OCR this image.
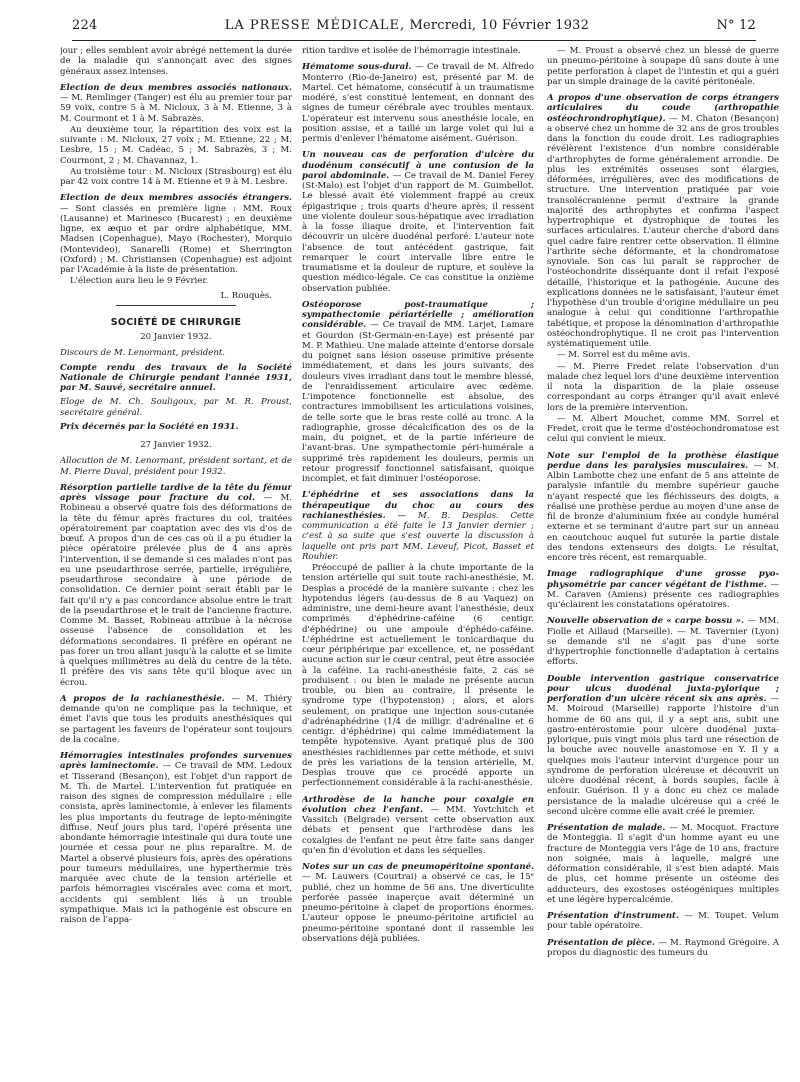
224	LA PRESSE MÉDICALE, Mercredi, 10 Février 1932	N° 12

jour ; elles semblent avoir abrégé nettement la durée de la maladie qui s'annonçait avec des signes généraux assez intenses.

Election de deux membres associés nationaux. — M. Remlinger (Tanger) est élu au premier tour par 59 voix, contre 5 à M. Nicloux, 3 à M. Etienne, 3 à M. Courmont et 1 à M. Sabrazès.

Au deuxième tour, la répartition des voix est la suivante : M. Nicloux, 27 voix ; M. Etienne, 22 ; M. Lesbre, 15 ; M. Cadéac, 5 ; M. Sabrazès, 3 ; M. Courmont, 2 ; M. Chavannaz, 1.

Au troisième tour : M. Nicloux (Strasbourg) est élu par 42 voix contre 14 à M. Etienne et 9 à M. Lesbre.

Election de deux membres associés étrangers. — Sont classés en première ligne : MM. Roux (Lausanne) et Marinesco (Bucarest) ; en deuxième ligne, ex æquo et par ordre alphabétique, MM. Madsen (Copenhague), Mayo (Rochester), Morquio (Montevideo), Sanarelli (Rome) et Sherrington (Oxford) ; M. Christiansen (Copenhague) est adjoint par l'Académie à la liste de présentation.

L'élection aura lieu le 9 Février.

L. Rouquès.

SOCIÉTÉ DE CHIRURGIE

20 Janvier 1932.

Discours de M. Lenormant, président.

Compte rendu des travaux de la Société Nationale de Chirurgie pendant l'année 1931, par M. Sauvé, secrétaire annuel.

Eloge de M. Ch. Souligoux, par M. R. Proust, secrétaire général.

Prix décernés par la Société en 1931.

27 Janvier 1932.

Allocution de M. Lenormant, président sortant, et de M. Pierre Duval, président pour 1932.

Résorption partielle tardive de la tête du fémur après vissage pour fracture du col. — M. Robineau a observé quatre fois des déformations de la tête du fémur après fractures du col, traitées opératoirement par coaptation avec des vis d'os de bœuf. A propos d'un de ces cas où il a pu étudier la pièce opératoire prélevée plus de 4 ans après l'intervention, il se demande si ces malades n'ont pas eu une pseudarthrose serrée, partielle, irrégulière, pseudarthrose secondaire à une période de consolidation. Ce dernier point serait établi par le fait qu'il n'y a pas concordance absolue entre le trait de la pseudarthrose et le trait de l'ancienne fracture. Comme M. Basset, Robineau attribue à la nécrose osseuse l'absence de consolidation et les déformations secondaires. Il préfère en opérant ne pas forer un trou allant jusqu'à la calotte et se limite à quelques millimètres au delà du centre de la tête. Il préfère des vis sans tête qu'il bloque avec un écrou.

A propos de la rachianesthésie. — M. Thiéry demande qu'on ne complique pas la technique, et émet l'avis que tous les produits anesthésiques qui se partagent les faveurs de l'opérateur sont toujours de la cocaïne.

Hémorragies intestinales profondes survenues après laminectomie. — Ce travail de MM. Ledoux et Tisserand (Besançon), est l'objet d'un rapport de M. Th. de Martel. L'intervention fut pratiquée en raison des signes de compression médullaire : elle consista, après laminectomie, à enlever les filaments les plus importants du feutrage de lepto-méningite diffuse. Neuf jours plus tard, l'opéré présenta une abondante hémorragie intestinale qui dura toute une journée et cessa pour ne plus reparaître. M. de Martel a observé plusieurs fois, après des opérations pour tumeurs médullaires, une hyperthermie très marquée avec chute de la tension artérielle et parfois hémorragies viscérales avec coma et mort, accidents qui semblent liés à un trouble sympathique. Mais ici la pathogénie est obscure en raison de l'appa-

rition tardive et isolée de l'hémorragie intestinale.

Hématome sous-dural. — Ce travail de M. Alfredo Monterro (Rio-de-Janeiro) est, présenté par M. de Martel. Cet hématome, consécutif à un traumatisme modéré, s'est constitué lentement, en donnant des signes de tumeur cérébrale avec troubles mentaux. L'opérateur est intervenu sous anesthésie locale, en position assise, et a taillé un large volet qui lui a permis d'enlever l'hématome aisément. Guérison.

Un nouveau cas de perforation d'ulcère du duodénum consécutif à une contusion de la paroi abdominale. — Ce travail de M. Daniel Ferey (St-Malo) est l'objet d'un rapport de M. Guimbellot. Le blessé avait été violemment frappé au creux épigastrique ; trois quarts d'heure après, il ressent une violente douleur sous-hépatique avec irradiation à la fosse iliaque droite, et l'intervention fait découvrir un ulcère duodénal perforé. L'auteur note l'absence de tout antécédent gastrique, fait remarquer le court intervalle libre entre le traumatisme et la douleur de rupture, et soulève la question médico-légale. Ce cas constitue la onzième observation publiée.

Ostéoporose post-traumatique ; sympathectomie périartérielle ; amélioration considérable. — Ce travail de MM. Larjet, Lamare et Gourdon (St-Germain-en-Laye) est présenté par M. P. Mathieu. Une malade atteinte d'entorse dorsale du poignet sans lésion osseuse primitive présente immédiatement, et dans les jours suivants, des douleurs vives irradiant dans tout le membre blessé, de l'enraidissement articulaire avec œdème. L'impotence fonctionnelle est absolue, des contractures immobilisent les articulations voisines, de telle sorte que le bras reste collé au tronc. A la radiographie, grosse décalcification des os de la main, du poignet, et de la partie inférieure de l'avant-bras. Une sympathectomie péri-humérale a supprimé très rapidement les douleurs, permis un retour progressif fonctionnel satisfaisant, quoique incomplet, et fait diminuer l'ostéoporose.

L'éphédrine et ses associations dans la thérapeutique du choc au cours des rachianesthésies. — M. B. Desplas. Cette communication a été faite le 13 Janvier dernier ; c'est à sa suite que s'est ouverte la discussion à laquelle ont pris part MM. Leveuf, Picot, Basset et Rouhier.

Préoccupé de pallier à la chute importante de la tension artérielle qui suit toute rachi-anesthésie, M. Desplas a procédé de la manière suivante : chez les hypotendus légers (au-dessus de 8 au Vaquez) on administre, une demi-heure avant l'anesthésie, deux comprimés d'éphédrine-caféine (6 centigr. d'éphédrine) ou une ampoule d'éphédo-caféine. L'éphédrine est actuellement le tonicardiaque du cœur périphérique par excellence, et, ne possédant aucune action sur le cœur central, peut être associée à la caféine. La rachi-anesthésie faite, 2 cas se produisent : ou bien le malade ne présente aucun trouble, ou bien au contraire, il présente le syndrome type (l'hypotension) ; alors, et alors seulement, on pratique une injection sous-cutanée d'adrénaphédrine (1/4 de milligr. d'adrénaline et 6 centigr. d'éphédrine) qui calme immédiatement la tempête hypotensive. Ayant pratiqué plus de 300 anesthésies rachidiennes par cette méthode, et suivi de près les variations de la tension artérielle, M. Desplas trouve que ce procédé apporte un perfectionnement considérable à la rachi-anesthésie.

Arthrodèse de la hanche pour coxalgie en évolution chez l'enfant. — MM. Yovtchitch et Vassitch (Belgrade) versent cette observation aux débats et pensent que l'arthrodèse dans les coxalgies de l'enfant ne peut être faite sans danger qu'en fin d'évolution et dans les séquelles.

Notes sur un cas de pneumopéritoine spontané. — M. Lauwers (Courtrai) a observé ce cas, le 15ᵉ publié, chez un homme de 56 ans. Une diverticulite perforée passée inaperçue avait déterminé un pneumo-péritoine à clapet de proportions énormes. L'auteur oppose le pneumo-péritoine artificiel au pneumo-péritoine spontané dont il rassemble les observations déjà publiées.

— M. Proust a observé chez un blessé de guerre un pneumo-péritoine à soupape dû sans doute à une petite perforation à clapet de l'intestin et qui a guéri par un simple drainage de la cavité péritonéale.

A propos d'une observation de corps étrangers articulaires du coude (arthropathie ostéochrondrophytique). — M. Chaton (Besançon) a observé chez un homme de 32 ans de gros troubles dans la fonction du coude droit. Les radiographies révélèrent l'existence d'un nombre considérable d'arthrophytes de forme généralement arrondie. De plus les extrémités osseuses sont élargies, déformées, irrégulières, avec des modifications de structure. Une intervention pratiquée par voie transolécranienne permit d'extraire la grande majorité des arthrophytes et confirma l'aspect hypertrophique et dystrophique de toutes les surfaces articulaires. L'auteur cherche d'abord dans quel cadre faire rentrer cette observation. Il élimine l'arthrite sèche déformante, et la chondromatose synoviale. Son cas lui paraît se rapprocher de l'ostéochondrite disséquante dont il refait l'exposé détaillé, l'historique et la pathogénie. Aucune des explications données ne le satisfaisant, l'auteur émet l'hypothèse d'un trouble d'origine médullaire un peu analogue à celui qui conditionne l'arthropathie tabétique, et propose la dénomination d'arthropathie ostéochondrophytique. Il ne croit pas l'intervention systématiquement utile.

— M. Sorrel est du même avis.

— M. Pierre Fredet relate l'observation d'un malade chez lequel lors d'une deuxième intervention il nota la disparition de la plaie osseuse correspondant au corps étranger qu'il avait enlevé lors de la première intervention.

— M. Albert Mouchet, comme MM. Sorrel et Fredet, croit que le terme d'ostéochondromatose est celui qui convient le mieux.

Note sur l'emploi de la prothèse élastique perdue dans les paralysies musculaires. — M. Albin Lambotte chez une enfant de 5 ans atteinte de paralysie infantile du membre supérieur gauche n'ayant respecté que les fléchisseurs des doigts, a réalisé une prothèse perdue au moyen d'une anse de fil de bronze d'aluminium fixée au condyle huméral externe et se terminant d'autre part sur un anneau en caoutchouc auquel fut suturée la partie distale des tendons extenseurs des doigts. Le résultat, encore très récent, est remarquable.

Image radiographique d'une grosse pyo-physométrie par cancer végétant de l'isthme. — M. Caraven (Amiens) présente ces radiographies qu'éclairent les constatations opératoires.

Nouvelle observation de « carpe bossu ». — MM. Fiolle et Aillaud (Marseille). — M. Tavernier (Lyon) se demande s'il ne s'agit pas d'une sorte d'hypertrophie fonctionnelle d'adaptation à certains efforts.

Double intervention gastrique conservatrice pour ulcus duodénal juxta-pylorique ; perforation d'un ulcère récent six ans après. — M. Moiroud (Marseille) rapporte l'histoire d'un homme de 60 ans qui, il y a sept ans, subit une gastro-entérostomie pour ulcère duodénal juxta-pylorique, puis vingt mois plus tard une résection de la bouche avec nouvelle anastomose en Y. Il y a quelques mois l'auteur intervint d'urgence pour un syndrome de perforation ulcéreuse et découvrit un ulcère duodénal récent, à bords souples, facile à enfouir. Guérison. Il y a donc eu chez ce malade persistance de la maladie ulcéreuse qui a créé le second ulcère comme elle avait créé le premier.

Présentation de malade. — M. Mocquot. Fracture de Monteggia. Il s'agit d'un homme ayant eu une fracture de Monteggia vers l'âge de 10 ans, fracture non soignée, mais à laquelle, malgré une déformation considérable, il s'est bien adapté. Mais de plus, cet homme présente un ostéome des adducteurs, des exostoses ostéogéniques multiples et une légère hypercalcémie.

Présentation d'instrument. — M. Toupet. Velum pour table opératoire.

Présentation de pièce. — M. Raymond Grégoire. A propos du diagnostic des tumeurs du
